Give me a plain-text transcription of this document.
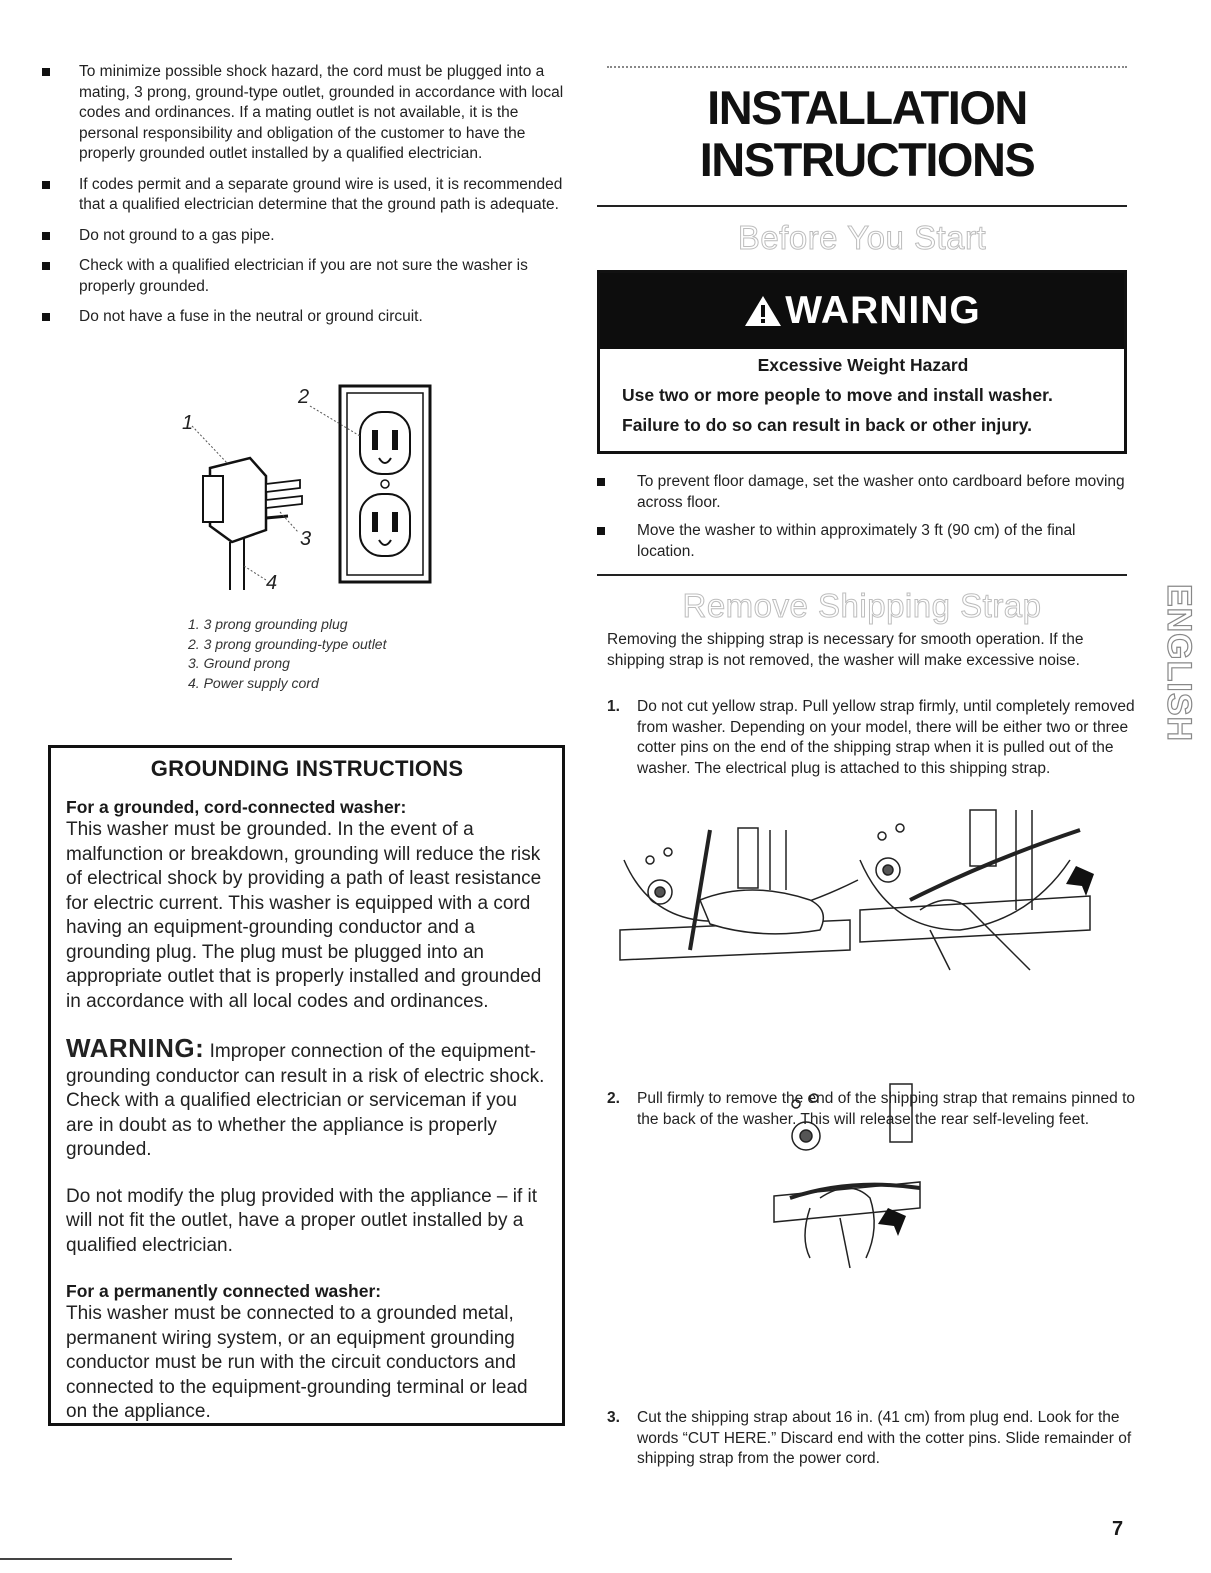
To minimize possible shock hazard, the cord must be plugged into a mating, 3 prong, ground-type outlet, grounded in accordance with local codes and ordinances. If a mating outlet is not available, it is the personal responsibility and obligation of the customer to have the properly grounded outlet installed by a qualified electrician.
If codes permit and a separate ground wire is used, it is recommended that a qualified electrician determine that the ground path is adequate.
Do not ground to a gas pipe.
Check with a qualified electrician if you are not sure the washer is properly grounded.
Do not have a fuse in the neutral or ground circuit.
1
2
3
4
1. 3 prong grounding plug
2. 3 prong grounding-type outlet
3. Ground prong
4. Power supply cord
GROUNDING INSTRUCTIONS

For a grounded, cord-connected washer:

This washer must be grounded. In the event of a malfunction or breakdown, grounding will reduce the risk of electrical shock by providing a path of least resistance for electric current. This washer is equipped with a cord having an equipment-grounding conductor and a grounding plug. The plug must be plugged into an appropriate outlet that is properly installed and grounded in accordance with all local codes and ordinances.

WARNING: Improper connection of the equipment-grounding conductor can result in a risk of electric shock. Check with a qualified electrician or serviceman if you are in doubt as to whether the appliance is properly grounded.

Do not modify the plug provided with the appliance – if it will not fit the outlet, have a proper outlet installed by a qualified electrician.

For a permanently connected washer:

This washer must be connected to a grounded metal, permanent wiring system, or an equipment grounding conductor must be run with the circuit conductors and connected to the equipment-grounding terminal or lead on the appliance.

INSTALLATION
INSTRUCTIONS
Before You Start
WARNING

Excessive Weight Hazard

Use two or more people to move and install washer.

Failure to do so can result in back or other injury.

To prevent floor damage, set the washer onto cardboard before moving across floor.
Move the washer to within approximately 3 ft (90 cm) of the final location.
Remove Shipping Strap

Removing the shipping strap is necessary for smooth operation. If the shipping strap is not removed, the washer will make excessive noise.

1. Do not cut yellow strap. Pull yellow strap firmly, until completely removed from washer. Depending on your model, there will be either two or three cotter pins on the end of the shipping strap when it is pulled out of the washer. The electrical plug is attached to this shipping strap.

2. Pull firmly to remove the end of the shipping strap that remains pinned to the back of the washer. This will release the rear self-leveling feet.

3. Cut the shipping strap about 16 in. (41 cm) from plug end. Look for the words “CUT HERE.” Discard end with the cotter pins. Slide remainder of shipping strap from the power cord.

ENGLISH
7
